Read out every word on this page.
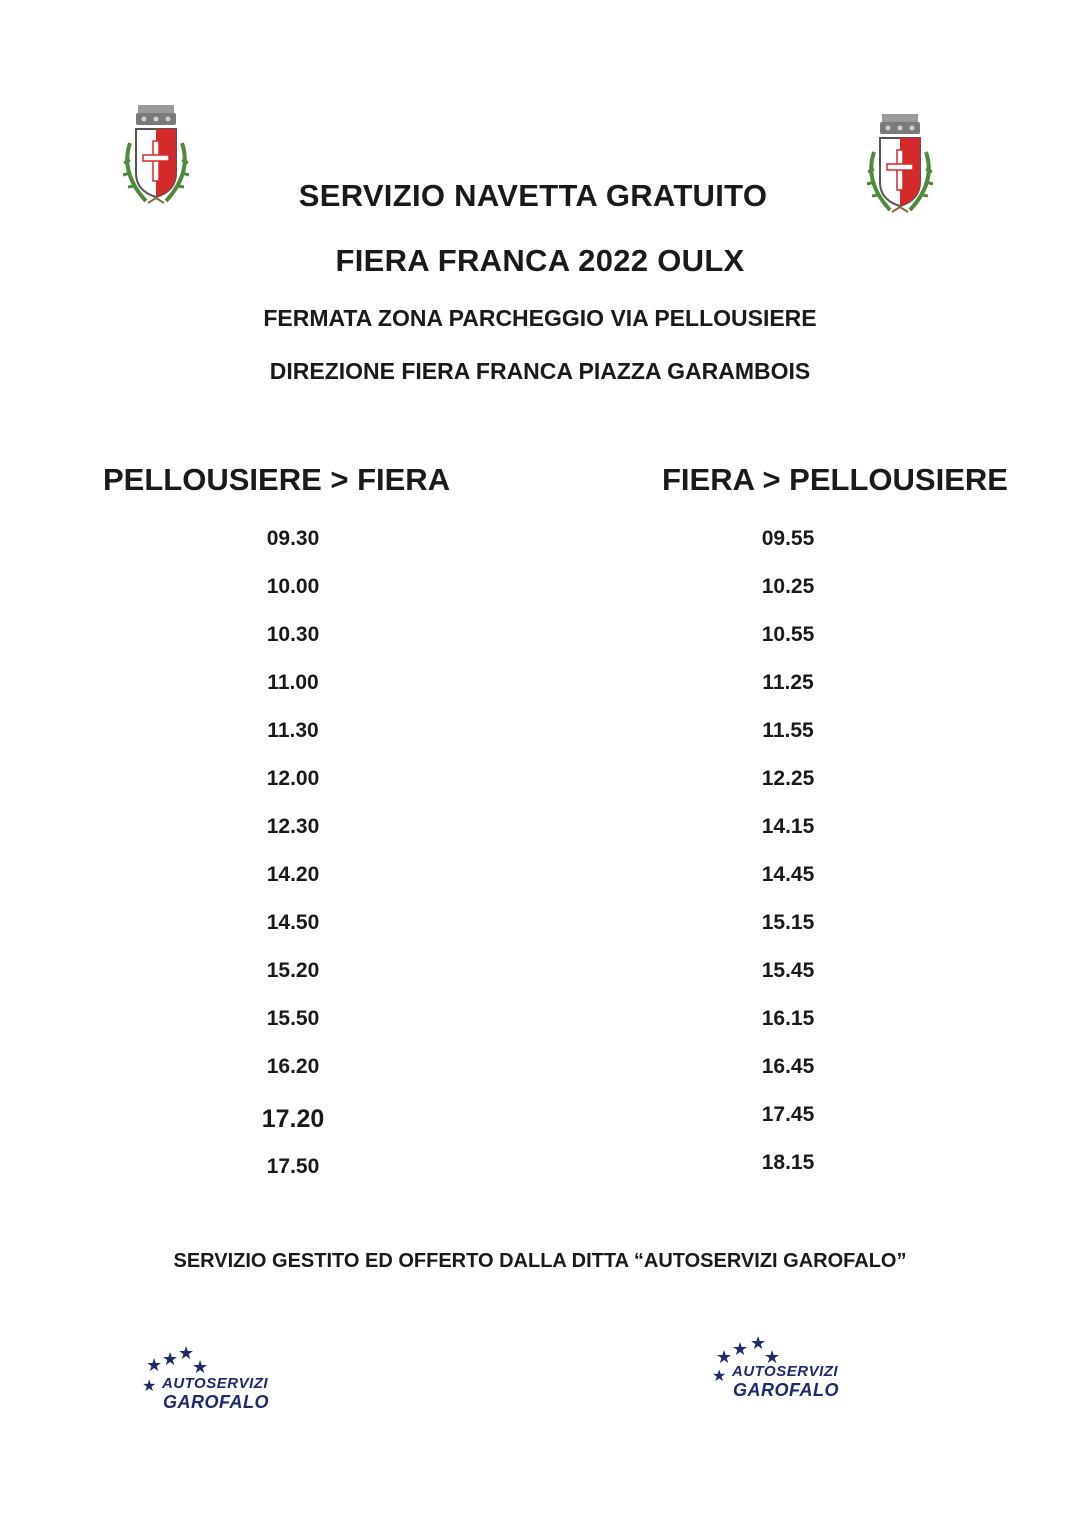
SERVIZIO NAVETTA GRATUITO
FIERA FRANCA 2022 OULX
FERMATA ZONA PARCHEGGIO VIA PELLOUSIERE
DIREZIONE FIERA FRANCA PIAZZA GARAMBOIS
PELLOUSIERE > FIERA	FIERA > PELLOUSIERE
09.30
10.00
10.30
11.00
11.30
12.00
12.30
14.20
14.50
15.20
15.50
16.20
17.20
17.50
09.55
10.25
10.55
11.25
11.55
12.25
14.15
14.45
15.15
15.45
16.15
16.45
17.45
18.15
SERVIZIO GESTITO ED OFFERTO DALLA DITTA “AUTOSERVIZI GAROFALO”
★ ★ ★
★
★ AUTOSERVIZI
GAROFALO
★ ★ ★
★
★ AUTOSERVIZI
GAROFALO
